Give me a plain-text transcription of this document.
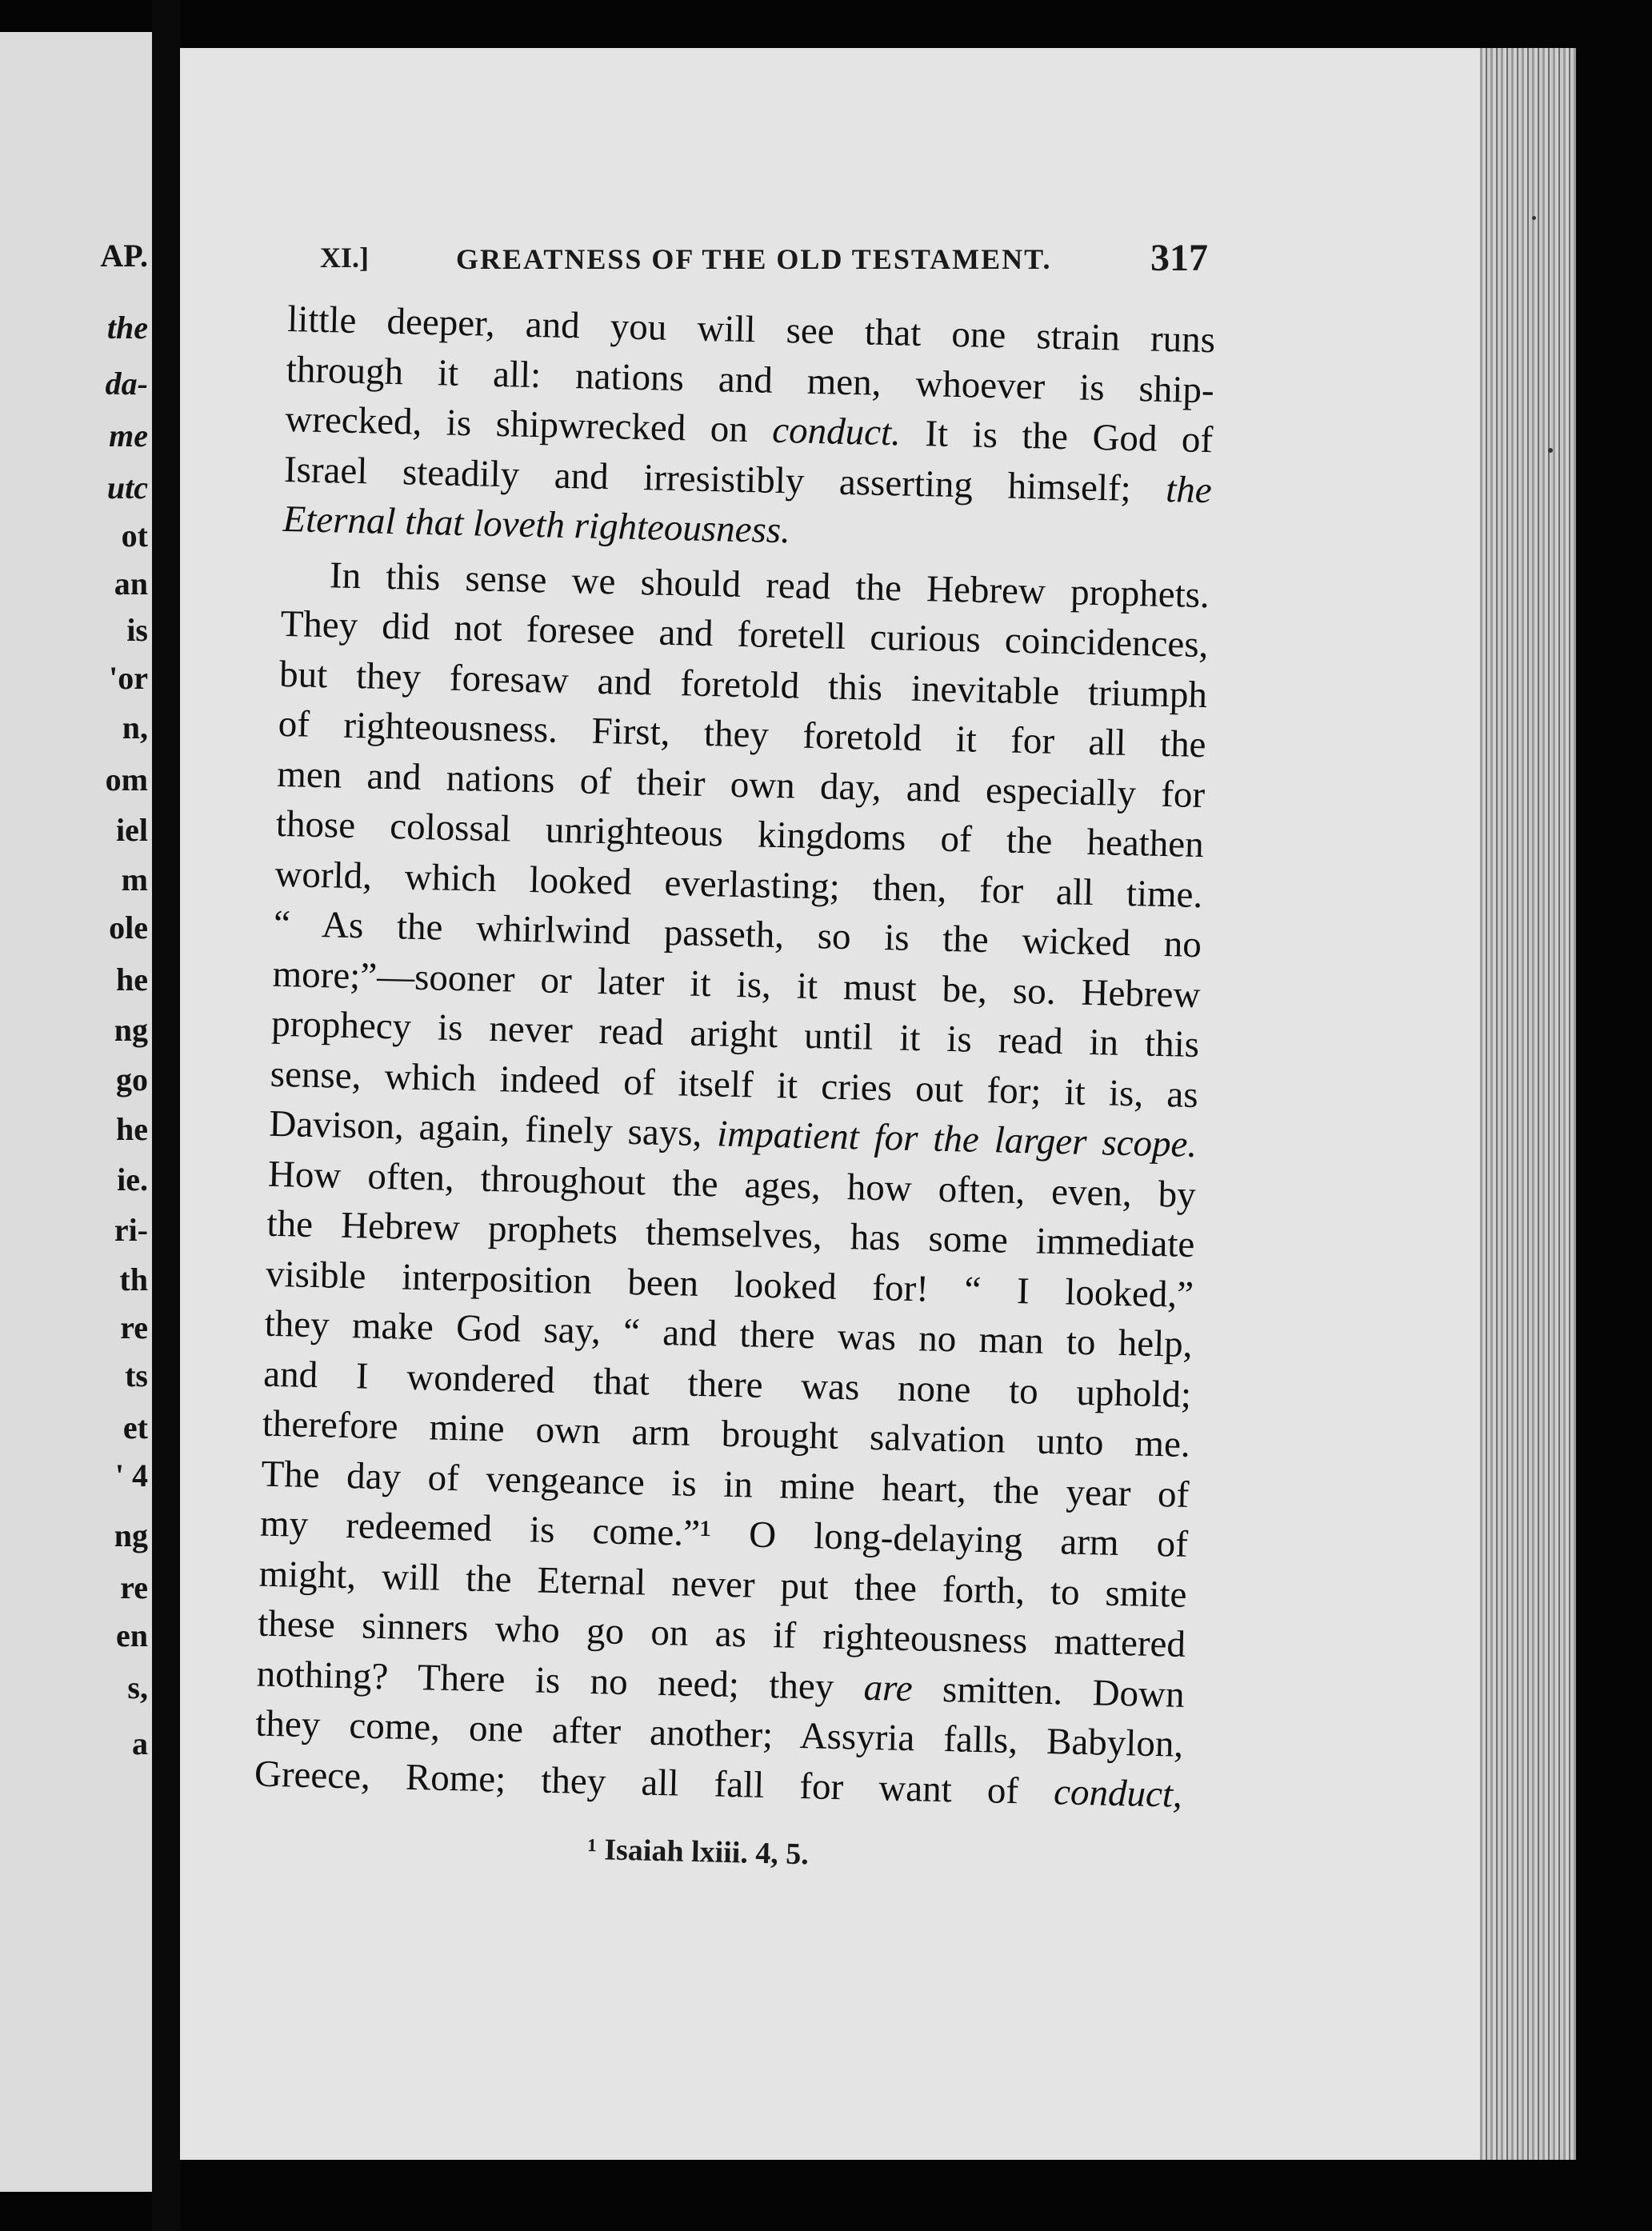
AP.

the

da-

me

utc

ot

an

is

'or

n,

om

iel

m

ole

he

ng

go

he

ie.

ri-

th

re

ts

et

' 4

ng

re

en

s,

a

XI.]	GREATNESS OF THE OLD TESTAMENT.	317
little deeper, and you will see that one strain runs
through it all: nations and men, whoever is ship-
wrecked, is shipwrecked on conduct. It is the God of
Israel steadily and irresistibly asserting himself; the
Eternal that loveth righteousness.
In this sense we should read the Hebrew prophets.
They did not foresee and foretell curious coincidences,
but they foresaw and foretold this inevitable triumph
of righteousness. First, they foretold it for all the
men and nations of their own day, and especially for
those colossal unrighteous kingdoms of the heathen
world, which looked everlasting; then, for all time.
“ As the whirlwind passeth, so is the wicked no
more;”—sooner or later it is, it must be, so. Hebrew
prophecy is never read aright until it is read in this
sense, which indeed of itself it cries out for; it is, as
Davison, again, finely says, impatient for the larger scope.
How often, throughout the ages, how often, even, by
the Hebrew prophets themselves, has some immediate
visible interposition been looked for! “ I looked,”
they make God say, “ and there was no man to help,
and I wondered that there was none to uphold;
therefore mine own arm brought salvation unto me.
The day of vengeance is in mine heart, the year of
my redeemed is come.”¹ O long-delaying arm of
might, will the Eternal never put thee forth, to smite
these sinners who go on as if righteousness mattered
nothing? There is no need; they are smitten. Down
they come, one after another; Assyria falls, Babylon,
Greece, Rome; they all fall for want of conduct,
¹ Isaiah lxiii. 4, 5.
